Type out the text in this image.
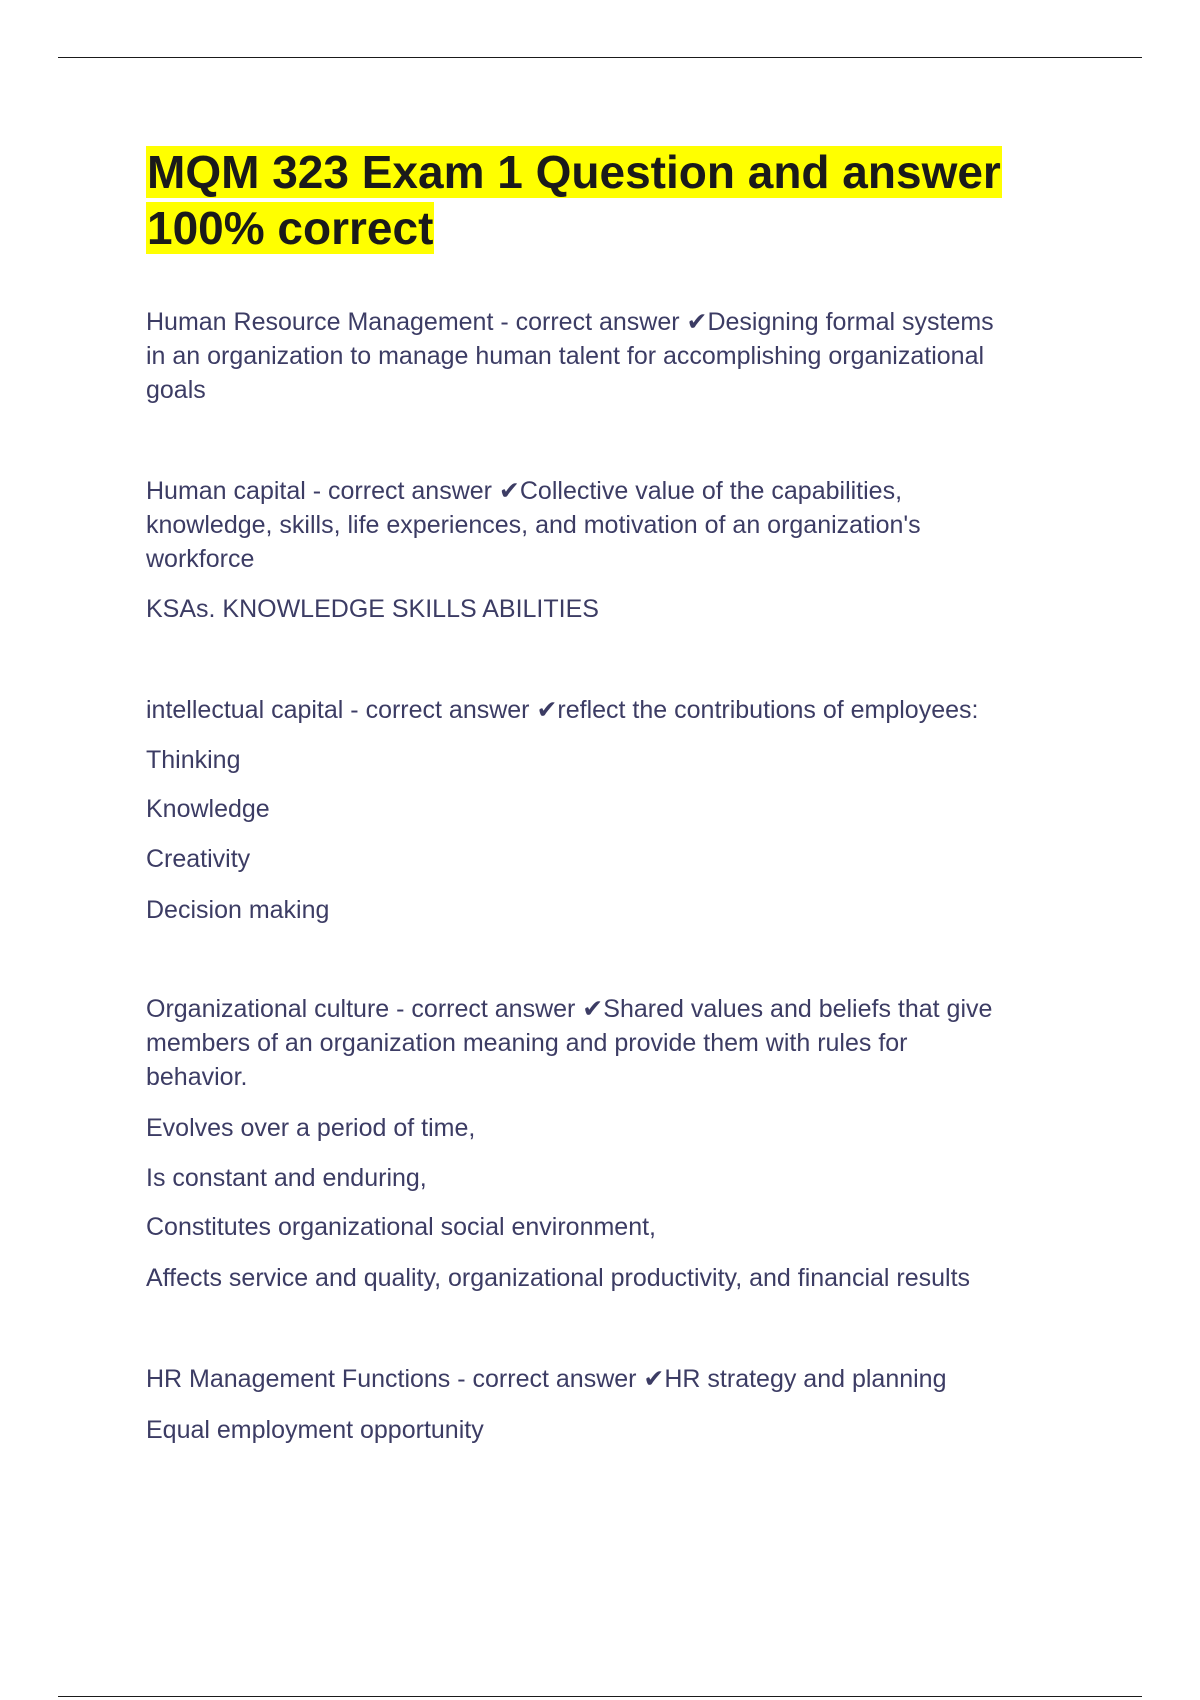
MQM 323 Exam 1 Question and answer
100% correct

Human Resource Management - correct answer ✔Designing formal systems
in an organization to manage human talent for accomplishing organizational
goals

Human capital - correct answer ✔Collective value of the capabilities,
knowledge, skills, life experiences, and motivation of an organization's
workforce

KSAs. KNOWLEDGE SKILLS ABILITIES

intellectual capital - correct answer ✔reflect the contributions of employees:

Thinking

Knowledge

Creativity

Decision making

Organizational culture - correct answer ✔Shared values and beliefs that give
members of an organization meaning and provide them with rules for
behavior.

Evolves over a period of time,

Is constant and enduring,

Constitutes organizational social environment,

Affects service and quality, organizational productivity, and financial results

HR Management Functions - correct answer ✔HR strategy and planning

Equal employment opportunity
